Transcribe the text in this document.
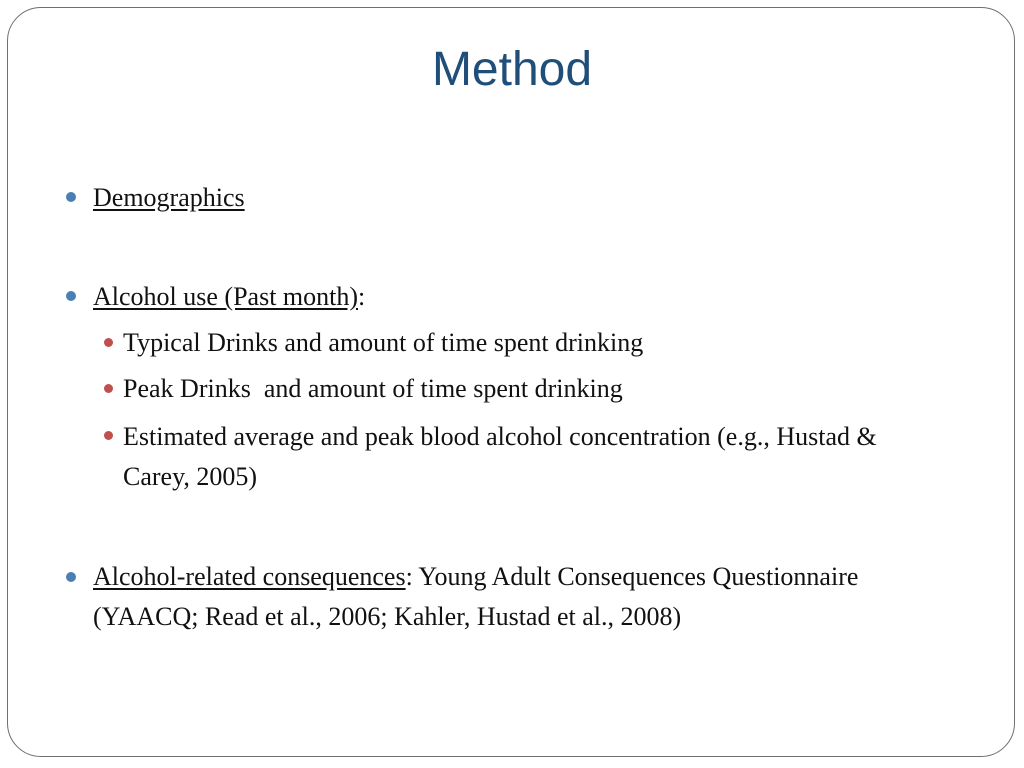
Method
Demographics
Alcohol use (Past month):
Typical Drinks and amount of time spent drinking
Peak Drinks  and amount of time spent drinking
Estimated average and peak blood alcohol concentration (e.g., Hustad & Carey, 2005)
Alcohol-related consequences: Young Adult Consequences Questionnaire (YAACQ; Read et al., 2006; Kahler, Hustad et al., 2008)
